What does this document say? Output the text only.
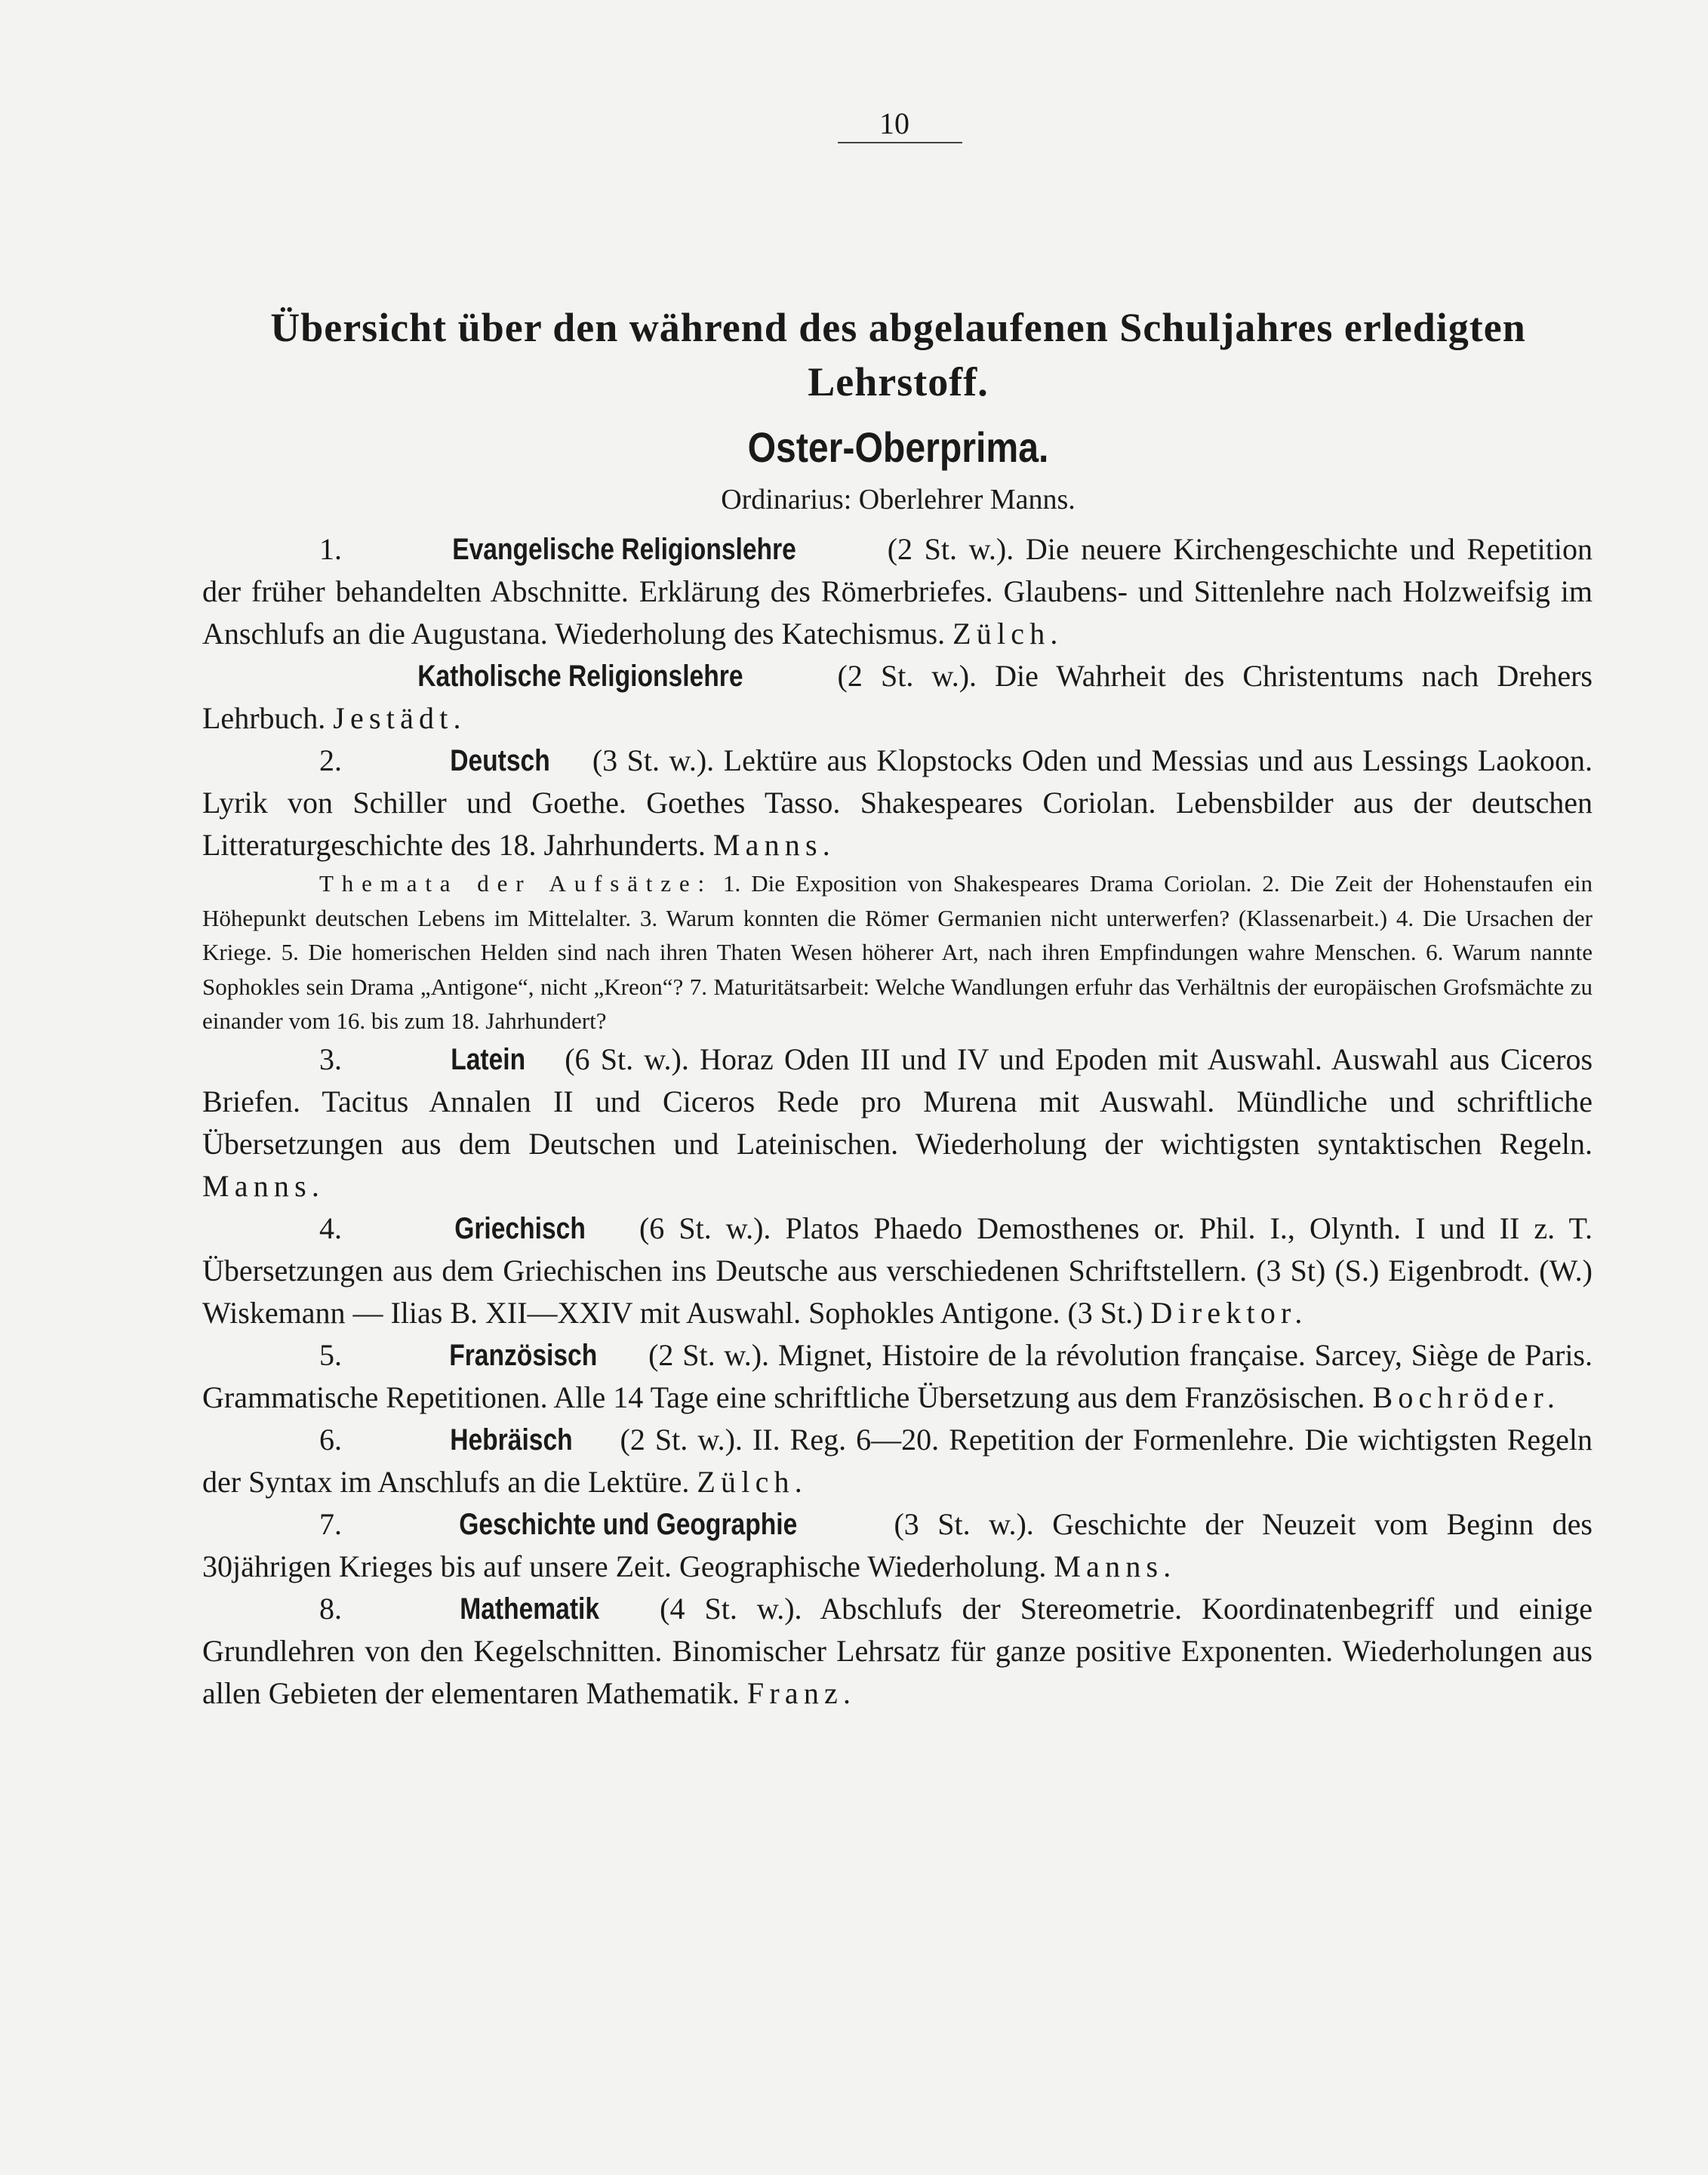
10

Übersicht über den während des abgelaufenen Schuljahres erledigten
Lehrstoff.
Oster-Oberprima.
Ordinarius: Oberlehrer Manns.

1.	Evangelische Religionslehre	(2 St. w.). Die neuere Kirchengeschichte und Repetition der früher behandelten Abschnitte. Erklärung des Römerbriefes. Glaubens- und Sittenlehre nach Holzweifsig im Anschlufs an die Augustana. Wiederholung des Katechismus. Zülch.

Katholische Religionslehre	(2 St. w.). Die Wahrheit des Christentums nach Drehers Lehrbuch. Jestädt.

2.	Deutsch (3 St. w.). Lektüre aus Klopstocks Oden und Messias und aus Lessings Laokoon. Lyrik von Schiller und Goethe. Goethes Tasso. Shakespeares Coriolan. Lebensbilder aus der deutschen Litteraturgeschichte des 18. Jahrhunderts. Manns.

Themata der Aufsätze: 1. Die Exposition von Shakespeares Drama Coriolan. 2. Die Zeit der Hohenstaufen ein Höhepunkt deutschen Lebens im Mittelalter. 3. Warum konnten die Römer Germanien nicht unterwerfen? (Klassenarbeit.) 4. Die Ursachen der Kriege. 5. Die homerischen Helden sind nach ihren Thaten Wesen höherer Art, nach ihren Empfindungen wahre Menschen. 6. Warum nannte Sophokles sein Drama „Antigone“, nicht „Kreon“? 7. Maturitätsarbeit: Welche Wandlungen erfuhr das Verhältnis der europäischen Grofsmächte zu einander vom 16. bis zum 18. Jahrhundert?

3.	Latein (6 St. w.). Horaz Oden III und IV und Epoden mit Auswahl. Auswahl aus Ciceros Briefen. Tacitus Annalen II und Ciceros Rede pro Murena mit Auswahl. Mündliche und schriftliche Übersetzungen aus dem Deutschen und Lateinischen. Wiederholung der wichtigsten syntaktischen Regeln. Manns.

4.	Griechisch (6 St. w.). Platos Phaedo Demosthenes or. Phil. I., Olynth. I und II z. T. Übersetzungen aus dem Griechischen ins Deutsche aus verschiedenen Schriftstellern. (3 St) (S.) Eigenbrodt. (W.) Wiskemann — Ilias B. XII—XXIV mit Auswahl. Sophokles Antigone. (3 St.) Direktor.

5.	Französisch (2 St. w.). Mignet, Histoire de la révolution française. Sarcey, Siège de Paris. Grammatische Repetitionen. Alle 14 Tage eine schriftliche Übersetzung aus dem Französischen. Bochröder.

6.	Hebräisch (2 St. w.). II. Reg. 6—20. Repetition der Formenlehre. Die wichtigsten Regeln der Syntax im Anschlufs an die Lektüre. Zülch.

7.	Geschichte und Geographie	(3 St. w.). Geschichte der Neuzeit vom Beginn des 30jährigen Krieges bis auf unsere Zeit. Geographische Wiederholung. Manns.

8.	Mathematik (4 St. w.). Abschlufs der Stereometrie. Koordinatenbegriff und einige Grundlehren von den Kegelschnitten. Binomischer Lehrsatz für ganze positive Exponenten. Wiederholungen aus allen Gebieten der elementaren Mathematik. Franz.
